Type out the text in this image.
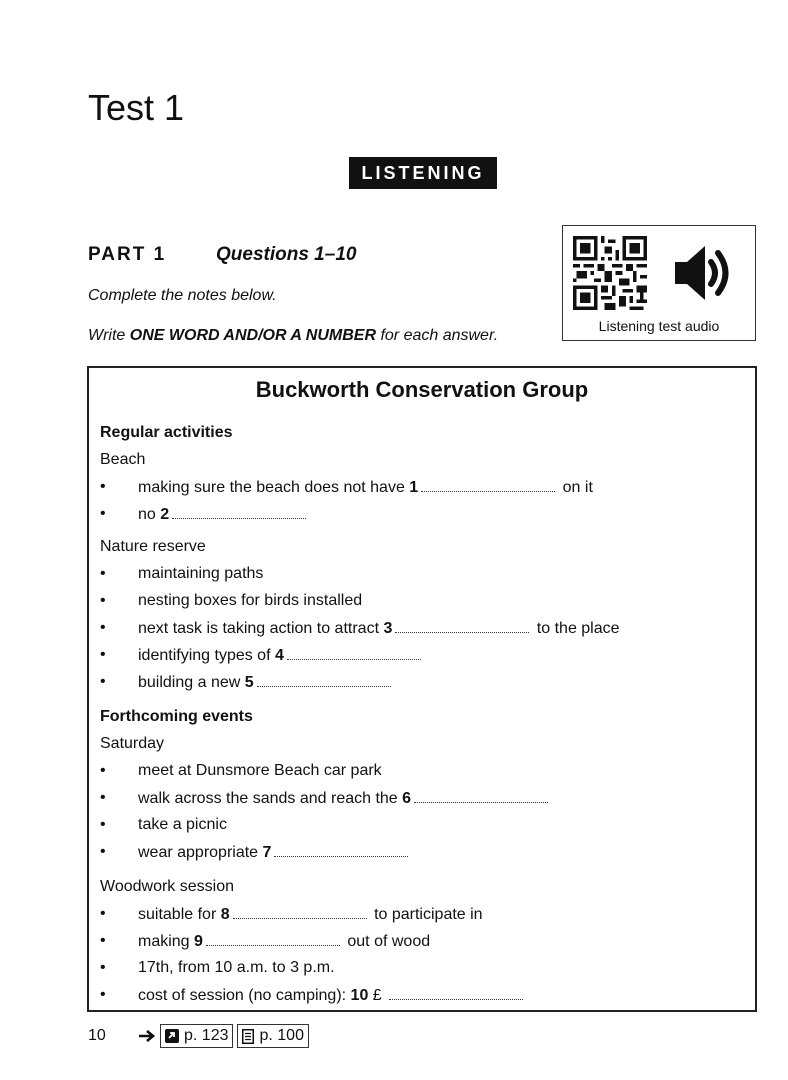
Test 1
LISTENING
PART 1	Questions 1–10
Complete the notes below.
Write ONE WORD AND/OR A NUMBER for each answer.
Listening test audio
Buckworth Conservation Group
Regular activities
Beach
•	making sure the beach does not have 1	on it
•	no 2
Nature reserve
•	maintaining paths
•	nesting boxes for birds installed
•	next task is taking action to attract 3	to the place
•	identifying types of 4
•	building a new 5
Forthcoming events
Saturday
•	meet at Dunsmore Beach car park
•	walk across the sands and reach the 6
•	take a picnic
•	wear appropriate 7
Woodwork session
•	suitable for 8	to participate in
•	making 9	out of wood
•	17th, from 10 a.m. to 3 p.m.
•	cost of session (no camping): 10 £
10	p. 123 p. 100
